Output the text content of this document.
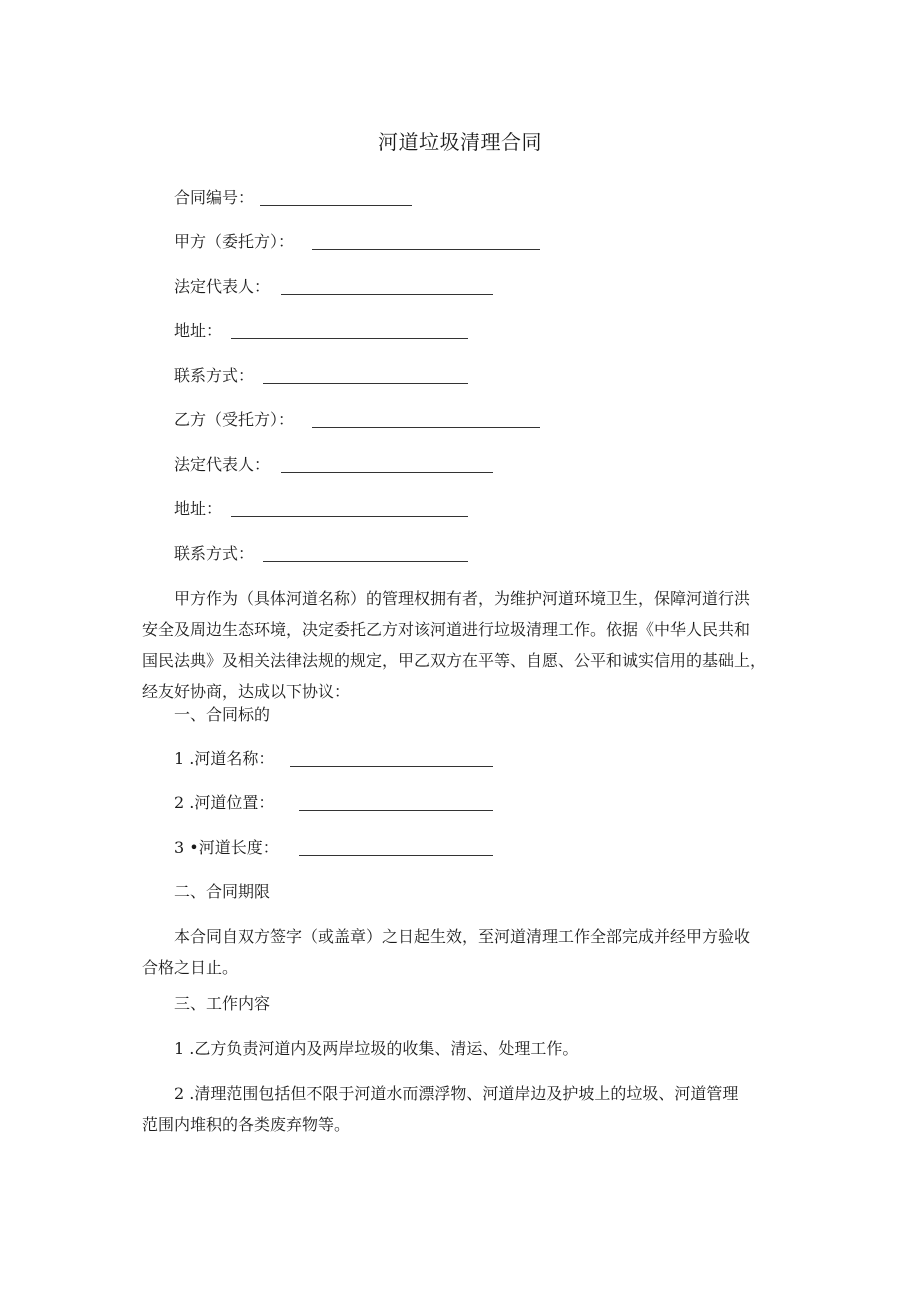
河道垃圾清理合同
合同编号：
甲方（委托方）：
法定代表人：
地址：
联系方式：
乙方（受托方）：
法定代表人：
地址：
联系方式：
甲方作为（具体河道名称）的管理权拥有者，为维护河道环境卫生，保障河道行洪
安全及周边生态环境，决定委托乙方对该河道进行垃圾清理工作。依据《中华人民共和
国民法典》及相关法律法规的规定，甲乙双方在平等、自愿、公平和诚实信用的基础上，
经友好协商，达成以下协议：
一、合同标的
1 .河道名称：
2 .河道位置：
3 •河道长度：
二、合同期限
本合同自双方签字（或盖章）之日起生效，至河道清理工作全部完成并经甲方验收
合格之日止。
三、工作内容
1 .乙方负责河道内及两岸垃圾的收集、清运、处理工作。
2 .清理范围包括但不限于河道水而漂浮物、河道岸边及护坡上的垃圾、河道管理
范围内堆积的各类废弃物等。
